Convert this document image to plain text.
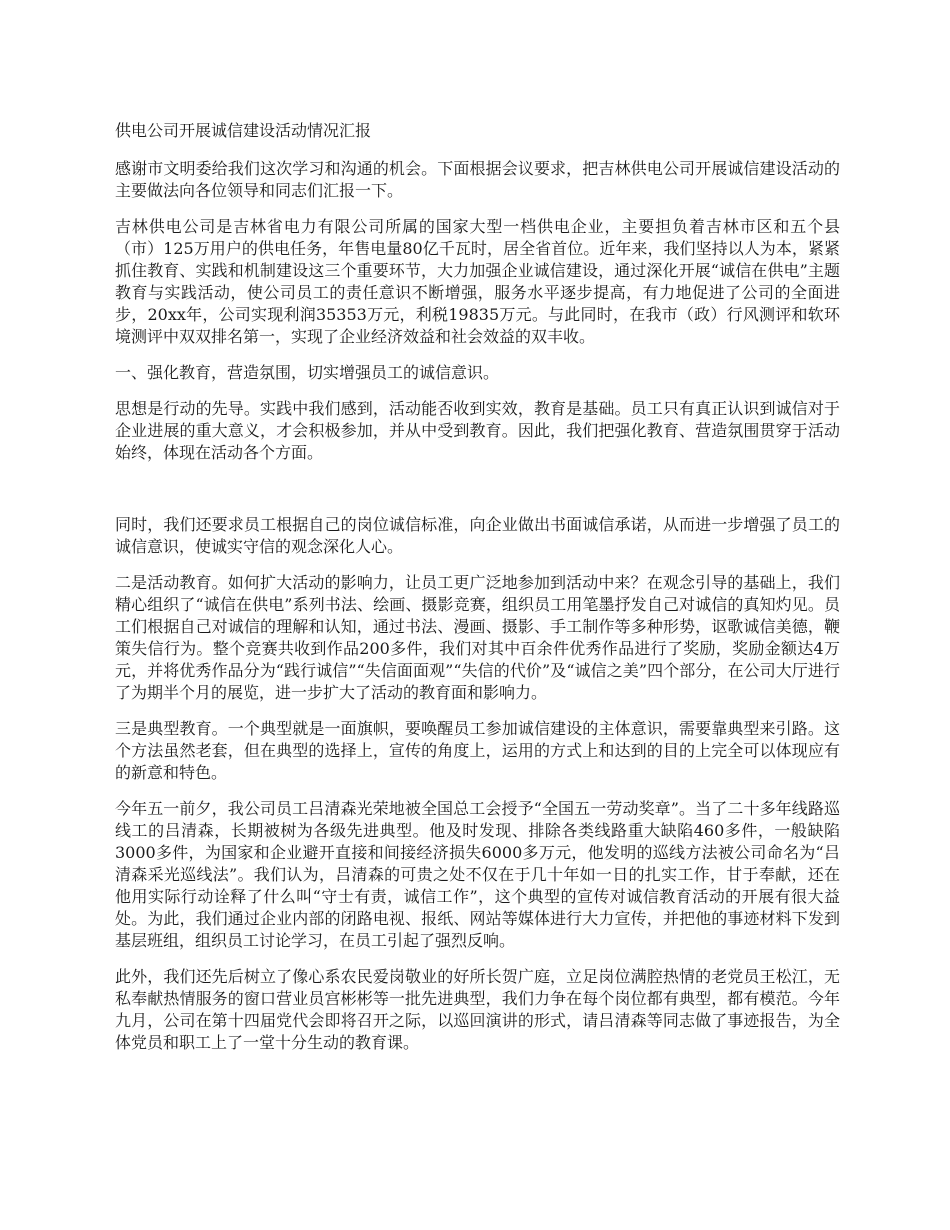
供电公司开展诚信建设活动情况汇报

感谢市文明委给我们这次学习和沟通的机会。下面根据会议要求，把吉林供电公司开展诚信建设活动的主要做法向各位领导和同志们汇报一下。

吉林供电公司是吉林省电力有限公司所属的国家大型一档供电企业，主要担负着吉林市区和五个县（市）125万用户的供电任务，年售电量80亿千瓦时，居全省首位。近年来，我们坚持以人为本，紧紧抓住教育、实践和机制建设这三个重要环节，大力加强企业诚信建设，通过深化开展“诚信在供电”主题教育与实践活动，使公司员工的责任意识不断增强，服务水平逐步提高，有力地促进了公司的全面进步，20xx年，公司实现利润35353万元，利税19835万元。与此同时，在我市（政）行风测评和软环境测评中双双排名第一，实现了企业经济效益和社会效益的双丰收。

一、强化教育，营造氛围，切实增强员工的诚信意识。

思想是行动的先导。实践中我们感到，活动能否收到实效，教育是基础。员工只有真正认识到诚信对于企业进展的重大意义，才会积极参加，并从中受到教育。因此，我们把强化教育、营造氛围贯穿于活动始终，体现在活动各个方面。

同时，我们还要求员工根据自己的岗位诚信标准，向企业做出书面诚信承诺，从而进一步增强了员工的诚信意识，使诚实守信的观念深化人心。

二是活动教育。如何扩大活动的影响力，让员工更广泛地参加到活动中来？在观念引导的基础上，我们精心组织了“诚信在供电”系列书法、绘画、摄影竞赛，组织员工用笔墨抒发自己对诚信的真知灼见。员工们根据自己对诚信的理解和认知，通过书法、漫画、摄影、手工制作等多种形势，讴歌诚信美德，鞭策失信行为。整个竞赛共收到作品200多件，我们对其中百余件优秀作品进行了奖励，奖励金额达4万元，并将优秀作品分为“践行诚信”“失信面面观”“失信的代价”及“诚信之美”四个部分，在公司大厅进行了为期半个月的展览，进一步扩大了活动的教育面和影响力。

三是典型教育。一个典型就是一面旗帜，要唤醒员工参加诚信建设的主体意识，需要靠典型来引路。这个方法虽然老套，但在典型的选择上，宣传的角度上，运用的方式上和达到的目的上完全可以体现应有的新意和特色。

今年五一前夕，我公司员工吕清森光荣地被全国总工会授予“全国五一劳动奖章”。当了二十多年线路巡线工的吕清森，长期被树为各级先进典型。他及时发现、排除各类线路重大缺陷460多件，一般缺陷3000多件，为国家和企业避开直接和间接经济损失6000多万元，他发明的巡线方法被公司命名为“吕清森采光巡线法”。我们认为，吕清森的可贵之处不仅在于几十年如一日的扎实工作，甘于奉献，还在他用实际行动诠释了什么叫“守士有责，诚信工作”，这个典型的宣传对诚信教育活动的开展有很大益处。为此，我们通过企业内部的闭路电视、报纸、网站等媒体进行大力宣传，并把他的事迹材料下发到基层班组，组织员工讨论学习，在员工引起了强烈反响。

此外，我们还先后树立了像心系农民爱岗敬业的好所长贺广庭，立足岗位满腔热情的老党员王松江，无私奉献热情服务的窗口营业员宫彬彬等一批先进典型，我们力争在每个岗位都有典型，都有模范。今年九月，公司在第十四届党代会即将召开之际，以巡回演讲的形式，请吕清森等同志做了事迹报告，为全体党员和职工上了一堂十分生动的教育课。
